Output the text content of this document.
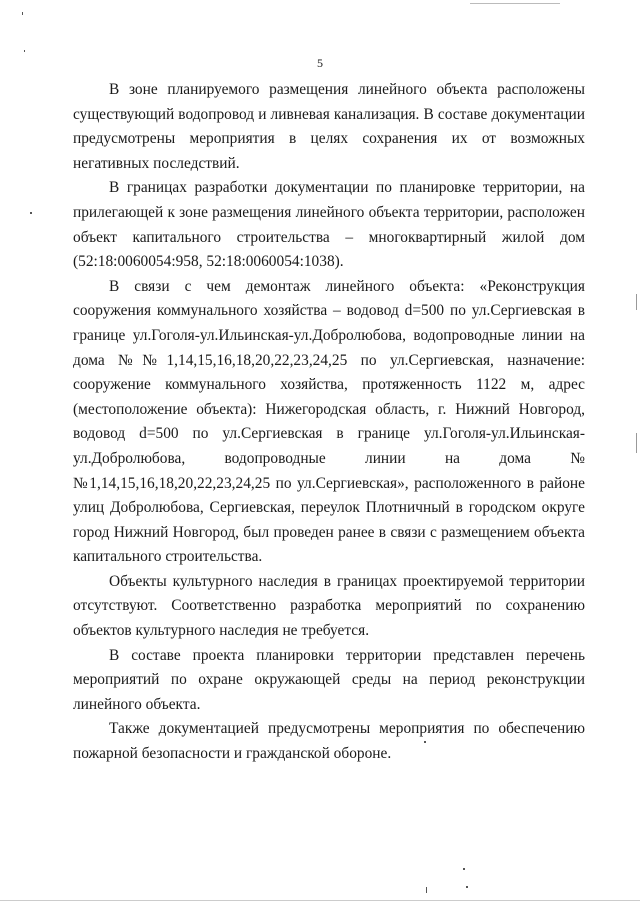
5

В зоне планируемого размещения линейного объекта расположены существующий водопровод и ливневая канализация. В составе документации предусмотрены мероприятия в целях сохранения их от возможных негативных последствий.

В границах разработки документации по планировке территории, на прилегающей к зоне размещения линейного объекта территории, расположен объект капитального строительства – многоквартирный жилой дом (52:18:0060054:958, 52:18:0060054:1038).

В связи с чем демонтаж линейного объекта: «Реконструкция сооружения коммунального хозяйства – водовод d=500 по ул.Сергиевская в границе ул.Гоголя-ул.Ильинская-ул.Добролюбова, водопроводные линии на дома №№1,14,15,16,18,20,22,23,24,25 по ул.Сергиевская, назначение: сооружение коммунального хозяйства, протяженность 1122 м, адрес (местоположение объекта): Нижегородская область, г. Нижний Новгород, водовод d=500 по ул.Сергиевская в границе ул.Гоголя-ул.Ильинская-ул.Добролюбова, водопроводные линии на дома №№1,14,15,16,18,20,22,23,24,25 по ул.Сергиевская», расположенного в районе улиц Добролюбова, Сергиевская, переулок Плотничный в городском округе город Нижний Новгород, был проведен ранее в связи с размещением объекта капитального строительства.

Объекты культурного наследия в границах проектируемой территории отсутствуют. Соответственно разработка мероприятий по сохранению объектов культурного наследия не требуется.

В составе проекта планировки территории представлен перечень мероприятий по охране окружающей среды на период реконструкции линейного объекта.

Также документацией предусмотрены мероприятия по обеспечению пожарной безопасности и гражданской обороне.
